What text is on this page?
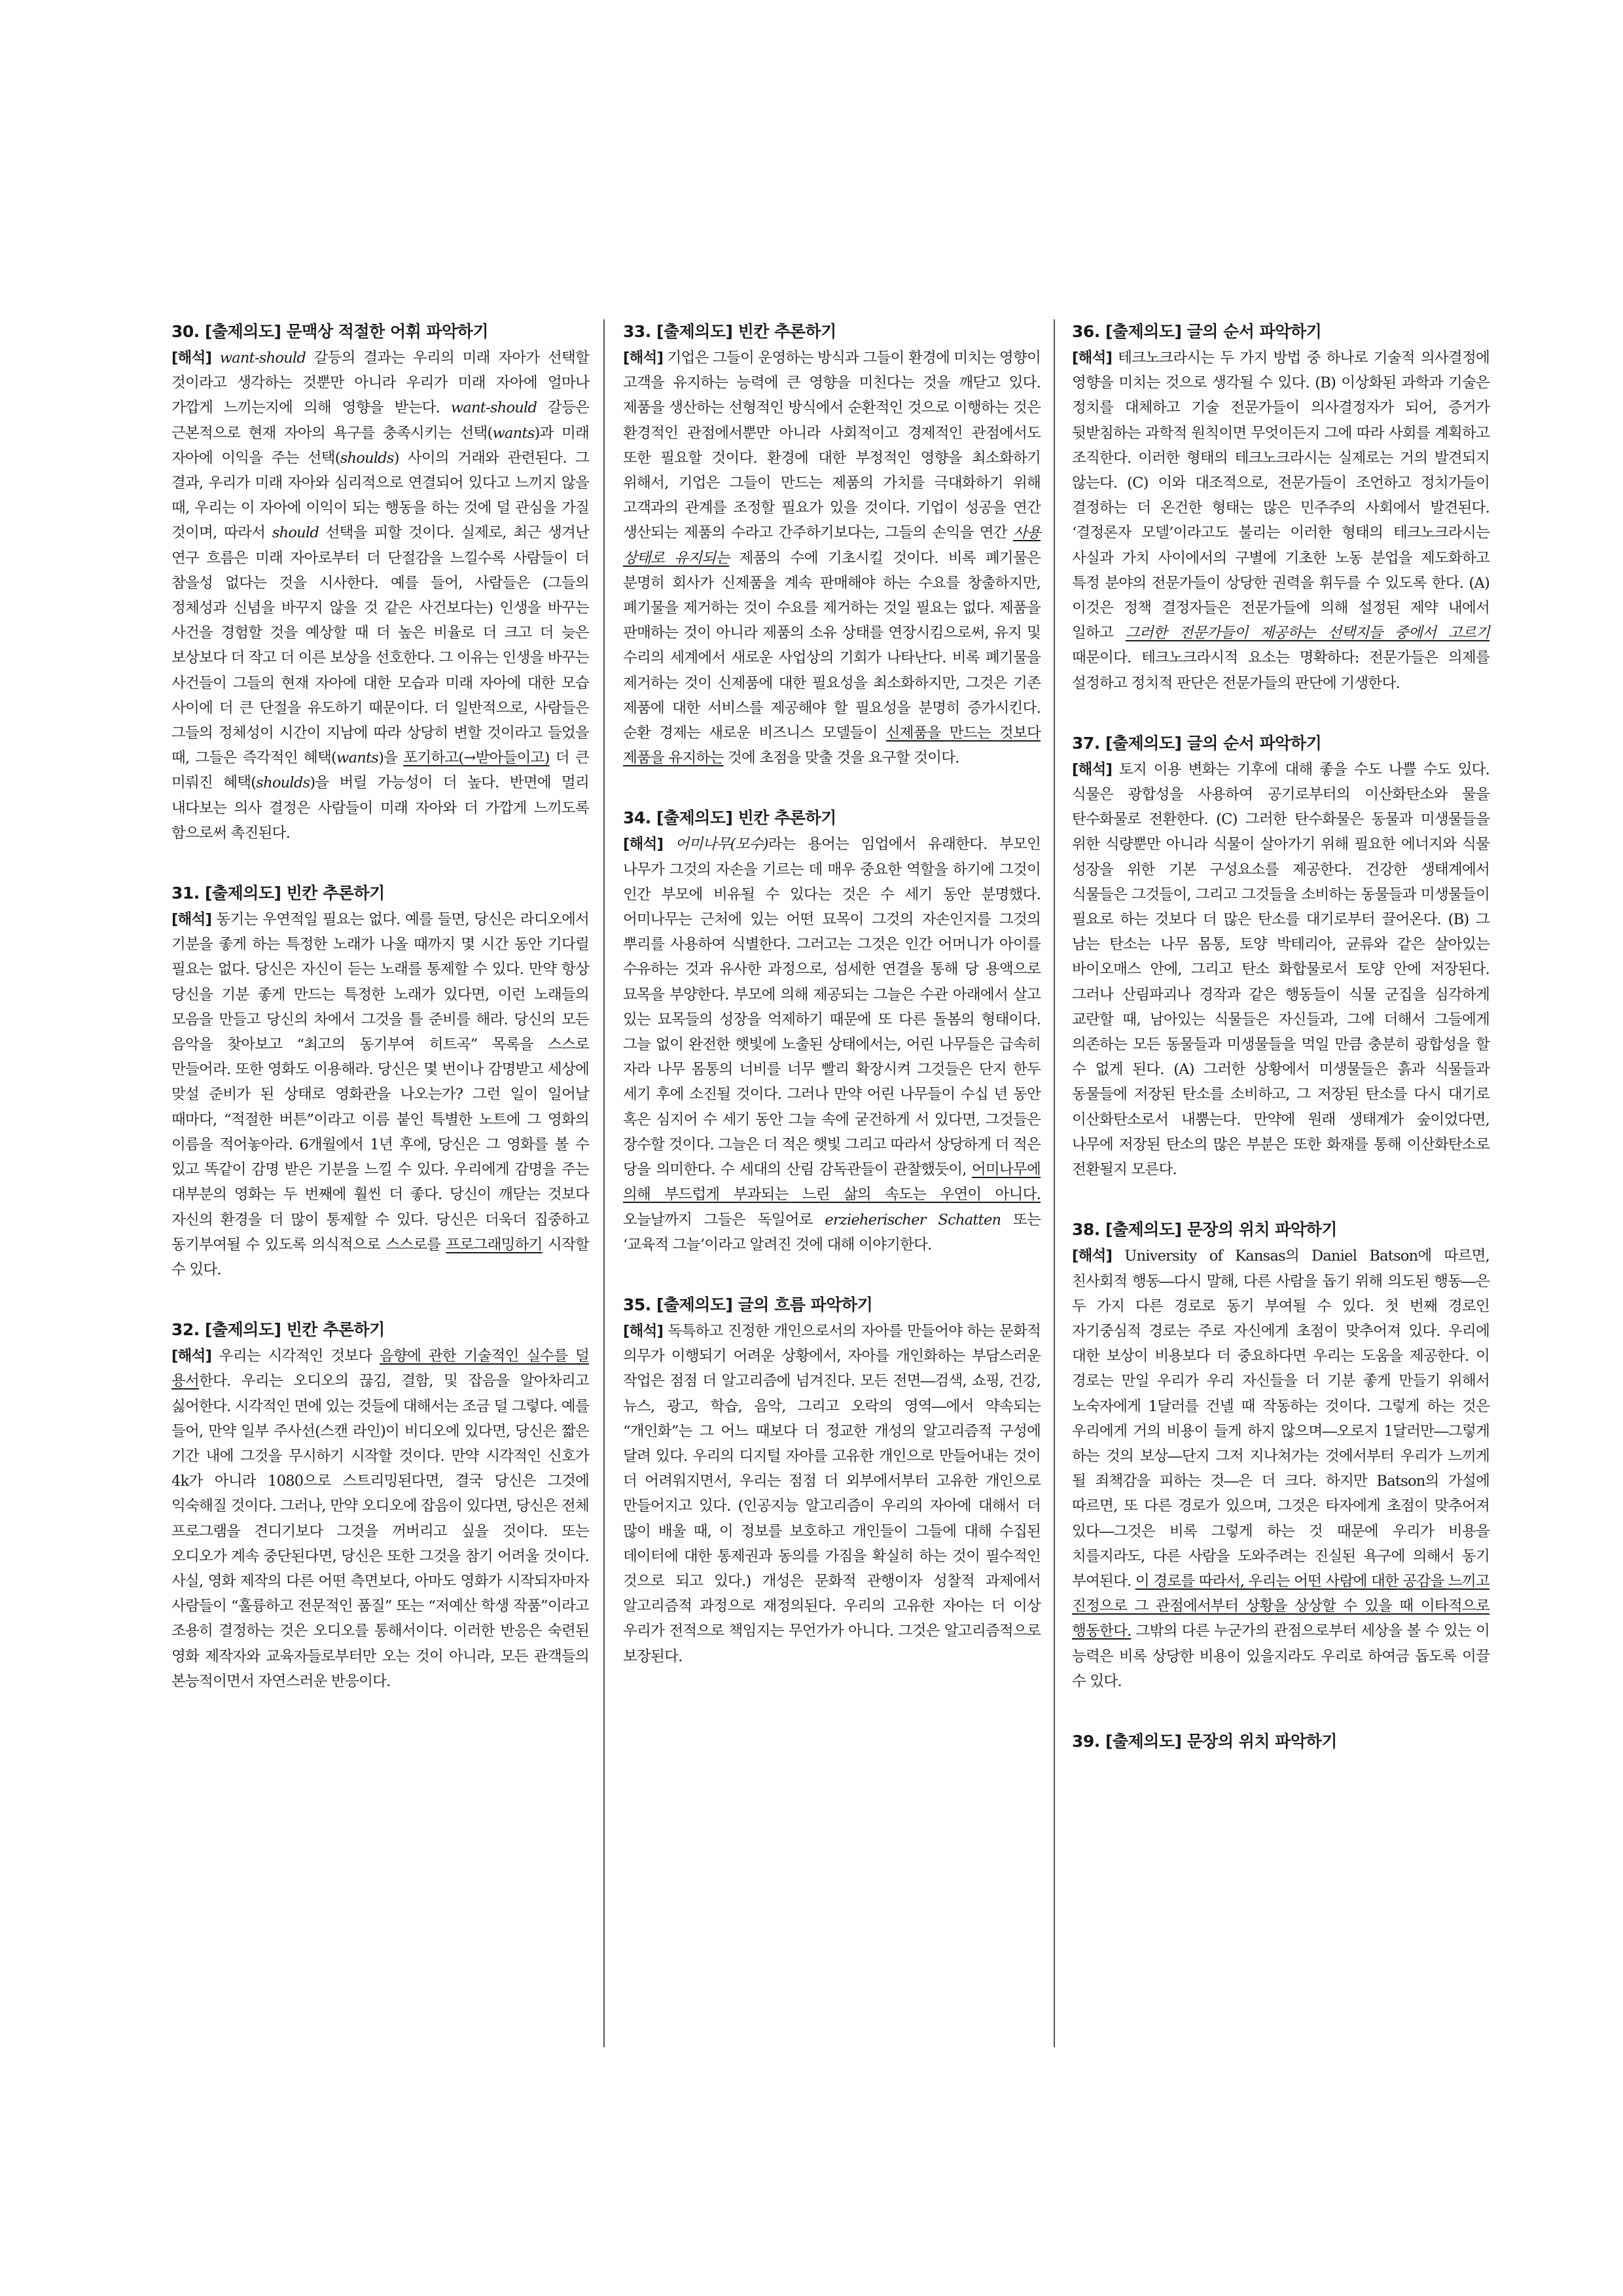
30. [출제의도] 문맥상 적절한 어휘 파악하기

[해석] want-should 갈등의 결과는 우리의 미래 자아가 선택할 것이라고 생각하는 것뿐만 아니라 우리가 미래 자아에 얼마나 가깝게 느끼는지에 의해 영향을 받는다. want-should 갈등은 근본적으로 현재 자아의 욕구를 충족시키는 선택(wants)과 미래 자아에 이익을 주는 선택(shoulds) 사이의 거래와 관련된다. 그 결과, 우리가 미래 자아와 심리적으로 연결되어 있다고 느끼지 않을 때, 우리는 이 자아에 이익이 되는 행동을 하는 것에 덜 관심을 가질 것이며, 따라서 should 선택을 피할 것이다. 실제로, 최근 생겨난 연구 흐름은 미래 자아로부터 더 단절감을 느낄수록 사람들이 더 참을성 없다는 것을 시사한다. 예를 들어, 사람들은 (그들의 정체성과 신념을 바꾸지 않을 것 같은 사건보다는) 인생을 바꾸는 사건을 경험할 것을 예상할 때 더 높은 비율로 더 크고 더 늦은 보상보다 더 작고 더 이른 보상을 선호한다. 그 이유는 인생을 바꾸는 사건들이 그들의 현재 자아에 대한 모습과 미래 자아에 대한 모습 사이에 더 큰 단절을 유도하기 때문이다. 더 일반적으로, 사람들은 그들의 정체성이 시간이 지남에 따라 상당히 변할 것이라고 들었을 때, 그들은 즉각적인 혜택(wants)을 포기하고(→받아들이고) 더 큰 미뤄진 혜택(shoulds)을 버릴 가능성이 더 높다. 반면에 멀리 내다보는 의사 결정은 사람들이 미래 자아와 더 가깝게 느끼도록 함으로써 촉진된다.

31. [출제의도] 빈칸 추론하기

[해석] 동기는 우연적일 필요는 없다. 예를 들면, 당신은 라디오에서 기분을 좋게 하는 특정한 노래가 나올 때까지 몇 시간 동안 기다릴 필요는 없다. 당신은 자신이 듣는 노래를 통제할 수 있다. 만약 항상 당신을 기분 좋게 만드는 특정한 노래가 있다면, 이런 노래들의 모음을 만들고 당신의 차에서 그것을 틀 준비를 해라. 당신의 모든 음악을 찾아보고 “최고의 동기부여 히트곡” 목록을 스스로 만들어라. 또한 영화도 이용해라. 당신은 몇 번이나 감명받고 세상에 맞설 준비가 된 상태로 영화관을 나오는가? 그런 일이 일어날 때마다, “적절한 버튼”이라고 이름 붙인 특별한 노트에 그 영화의 이름을 적어놓아라. 6개월에서 1년 후에, 당신은 그 영화를 볼 수 있고 똑같이 감명 받은 기분을 느낄 수 있다. 우리에게 감명을 주는 대부분의 영화는 두 번째에 훨씬 더 좋다. 당신이 깨닫는 것보다 자신의 환경을 더 많이 통제할 수 있다. 당신은 더욱더 집중하고 동기부여될 수 있도록 의식적으로 스스로를 프로그래밍하기 시작할 수 있다.

32. [출제의도] 빈칸 추론하기

[해석] 우리는 시각적인 것보다 음향에 관한 기술적인 실수를 덜 용서한다. 우리는 오디오의 끊김, 결함, 및 잡음을 알아차리고 싫어한다. 시각적인 면에 있는 것들에 대해서는 조금 덜 그렇다. 예를 들어, 만약 일부 주사선(스캔 라인)이 비디오에 있다면, 당신은 짧은 기간 내에 그것을 무시하기 시작할 것이다. 만약 시각적인 신호가 4k가 아니라 1080으로 스트리밍된다면, 결국 당신은 그것에 익숙해질 것이다. 그러나, 만약 오디오에 잡음이 있다면, 당신은 전체 프로그램을 견디기보다 그것을 꺼버리고 싶을 것이다. 또는 오디오가 계속 중단된다면, 당신은 또한 그것을 참기 어려울 것이다. 사실, 영화 제작의 다른 어떤 측면보다, 아마도 영화가 시작되자마자 사람들이 “훌륭하고 전문적인 품질” 또는 “저예산 학생 작품”이라고 조용히 결정하는 것은 오디오를 통해서이다. 이러한 반응은 숙련된 영화 제작자와 교육자들로부터만 오는 것이 아니라, 모든 관객들의 본능적이면서 자연스러운 반응이다.

33. [출제의도] 빈칸 추론하기

[해석] 기업은 그들이 운영하는 방식과 그들이 환경에 미치는 영향이 고객을 유지하는 능력에 큰 영향을 미친다는 것을 깨닫고 있다. 제품을 생산하는 선형적인 방식에서 순환적인 것으로 이행하는 것은 환경적인 관점에서뿐만 아니라 사회적이고 경제적인 관점에서도 또한 필요할 것이다. 환경에 대한 부정적인 영향을 최소화하기 위해서, 기업은 그들이 만드는 제품의 가치를 극대화하기 위해 고객과의 관계를 조정할 필요가 있을 것이다. 기업이 성공을 연간 생산되는 제품의 수라고 간주하기보다는, 그들의 손익을 연간 사용 상태로 유지되는 제품의 수에 기초시킬 것이다. 비록 폐기물은 분명히 회사가 신제품을 계속 판매해야 하는 수요를 창출하지만, 폐기물을 제거하는 것이 수요를 제거하는 것일 필요는 없다. 제품을 판매하는 것이 아니라 제품의 소유 상태를 연장시킴으로써, 유지 및 수리의 세계에서 새로운 사업상의 기회가 나타난다. 비록 폐기물을 제거하는 것이 신제품에 대한 필요성을 최소화하지만, 그것은 기존 제품에 대한 서비스를 제공해야 할 필요성을 분명히 증가시킨다. 순환 경제는 새로운 비즈니스 모델들이 신제품을 만드는 것보다 제품을 유지하는 것에 초점을 맞출 것을 요구할 것이다.

34. [출제의도] 빈칸 추론하기

[해석] 어미나무(모수)라는 용어는 임업에서 유래한다. 부모인 나무가 그것의 자손을 기르는 데 매우 중요한 역할을 하기에 그것이 인간 부모에 비유될 수 있다는 것은 수 세기 동안 분명했다. 어미나무는 근처에 있는 어떤 묘목이 그것의 자손인지를 그것의 뿌리를 사용하여 식별한다. 그러고는 그것은 인간 어머니가 아이를 수유하는 것과 유사한 과정으로, 섬세한 연결을 통해 당 용액으로 묘목을 부양한다. 부모에 의해 제공되는 그늘은 수관 아래에서 살고 있는 묘목들의 성장을 억제하기 때문에 또 다른 돌봄의 형태이다. 그늘 없이 완전한 햇빛에 노출된 상태에서는, 어린 나무들은 급속히 자라 나무 몸통의 너비를 너무 빨리 확장시켜 그것들은 단지 한두 세기 후에 소진될 것이다. 그러나 만약 어린 나무들이 수십 년 동안 혹은 심지어 수 세기 동안 그늘 속에 굳건하게 서 있다면, 그것들은 장수할 것이다. 그늘은 더 적은 햇빛 그리고 따라서 상당하게 더 적은 당을 의미한다. 수 세대의 산림 감독관들이 관찰했듯이, 어미나무에 의해 부드럽게 부과되는 느린 삶의 속도는 우연이 아니다. 오늘날까지 그들은 독일어로 erzieherischer Schatten 또는 ‘교육적 그늘’이라고 알려진 것에 대해 이야기한다.

35. [출제의도] 글의 흐름 파악하기

[해석] 독특하고 진정한 개인으로서의 자아를 만들어야 하는 문화적 의무가 이행되기 어려운 상황에서, 자아를 개인화하는 부담스러운 작업은 점점 더 알고리즘에 넘겨진다. 모든 전면―검색, 쇼핑, 건강, 뉴스, 광고, 학습, 음악, 그리고 오락의 영역―에서 약속되는 “개인화”는 그 어느 때보다 더 정교한 개성의 알고리즘적 구성에 달려 있다. 우리의 디지털 자아를 고유한 개인으로 만들어내는 것이 더 어려워지면서, 우리는 점점 더 외부에서부터 고유한 개인으로 만들어지고 있다. (인공지능 알고리즘이 우리의 자아에 대해서 더 많이 배울 때, 이 정보를 보호하고 개인들이 그들에 대해 수집된 데이터에 대한 통제권과 동의를 가짐을 확실히 하는 것이 필수적인 것으로 되고 있다.) 개성은 문화적 관행이자 성찰적 과제에서 알고리즘적 과정으로 재정의된다. 우리의 고유한 자아는 더 이상 우리가 전적으로 책임지는 무언가가 아니다. 그것은 알고리즘적으로 보장된다.

36. [출제의도] 글의 순서 파악하기

[해석] 테크노크라시는 두 가지 방법 중 하나로 기술적 의사결정에 영향을 미치는 것으로 생각될 수 있다. (B) 이상화된 과학과 기술은 정치를 대체하고 기술 전문가들이 의사결정자가 되어, 증거가 뒷받침하는 과학적 원칙이면 무엇이든지 그에 따라 사회를 계획하고 조직한다. 이러한 형태의 테크노크라시는 실제로는 거의 발견되지 않는다. (C) 이와 대조적으로, 전문가들이 조언하고 정치가들이 결정하는 더 온건한 형태는 많은 민주주의 사회에서 발견된다. ‘결정론자 모델’이라고도 불리는 이러한 형태의 테크노크라시는 사실과 가치 사이에서의 구별에 기초한 노동 분업을 제도화하고 특정 분야의 전문가들이 상당한 권력을 휘두를 수 있도록 한다. (A) 이것은 정책 결정자들은 전문가들에 의해 설정된 제약 내에서 일하고 그러한 전문가들이 제공하는 선택지들 중에서 고르기 때문이다. 테크노크라시적 요소는 명확하다: 전문가들은 의제를 설정하고 정치적 판단은 전문가들의 판단에 기생한다.

37. [출제의도] 글의 순서 파악하기

[해석] 토지 이용 변화는 기후에 대해 좋을 수도 나쁠 수도 있다. 식물은 광합성을 사용하여 공기로부터의 이산화탄소와 물을 탄수화물로 전환한다. (C) 그러한 탄수화물은 동물과 미생물들을 위한 식량뿐만 아니라 식물이 살아가기 위해 필요한 에너지와 식물 성장을 위한 기본 구성요소를 제공한다. 건강한 생태계에서 식물들은 그것들이, 그리고 그것들을 소비하는 동물들과 미생물들이 필요로 하는 것보다 더 많은 탄소를 대기로부터 끌어온다. (B) 그 남는 탄소는 나무 몸통, 토양 박테리아, 균류와 같은 살아있는 바이오매스 안에, 그리고 탄소 화합물로서 토양 안에 저장된다. 그러나 산림파괴나 경작과 같은 행동들이 식물 군집을 심각하게 교란할 때, 남아있는 식물들은 자신들과, 그에 더해서 그들에게 의존하는 모든 동물들과 미생물들을 먹일 만큼 충분히 광합성을 할 수 없게 된다. (A) 그러한 상황에서 미생물들은 흙과 식물들과 동물들에 저장된 탄소를 소비하고, 그 저장된 탄소를 다시 대기로 이산화탄소로서 내뿜는다. 만약에 원래 생태계가 숲이었다면, 나무에 저장된 탄소의 많은 부분은 또한 화재를 통해 이산화탄소로 전환될지 모른다.

38. [출제의도] 문장의 위치 파악하기

[해석] University of Kansas의 Daniel Batson에 따르면, 친사회적 행동―다시 말해, 다른 사람을 돕기 위해 의도된 행동―은 두 가지 다른 경로로 동기 부여될 수 있다. 첫 번째 경로인 자기중심적 경로는 주로 자신에게 초점이 맞추어져 있다. 우리에 대한 보상이 비용보다 더 중요하다면 우리는 도움을 제공한다. 이 경로는 만일 우리가 우리 자신들을 더 기분 좋게 만들기 위해서 노숙자에게 1달러를 건넬 때 작동하는 것이다. 그렇게 하는 것은 우리에게 거의 비용이 들게 하지 않으며―오로지 1달러만―그렇게 하는 것의 보상―단지 그저 지나쳐가는 것에서부터 우리가 느끼게 될 죄책감을 피하는 것―은 더 크다. 하지만 Batson의 가설에 따르면, 또 다른 경로가 있으며, 그것은 타자에게 초점이 맞추어져 있다―그것은 비록 그렇게 하는 것 때문에 우리가 비용을 치를지라도, 다른 사람을 도와주려는 진실된 욕구에 의해서 동기 부여된다. 이 경로를 따라서, 우리는 어떤 사람에 대한 공감을 느끼고 진정으로 그 관점에서부터 상황을 상상할 수 있을 때 이타적으로 행동한다. 그밖의 다른 누군가의 관점으로부터 세상을 볼 수 있는 이 능력은 비록 상당한 비용이 있을지라도 우리로 하여금 돕도록 이끌 수 있다.

39. [출제의도] 문장의 위치 파악하기
